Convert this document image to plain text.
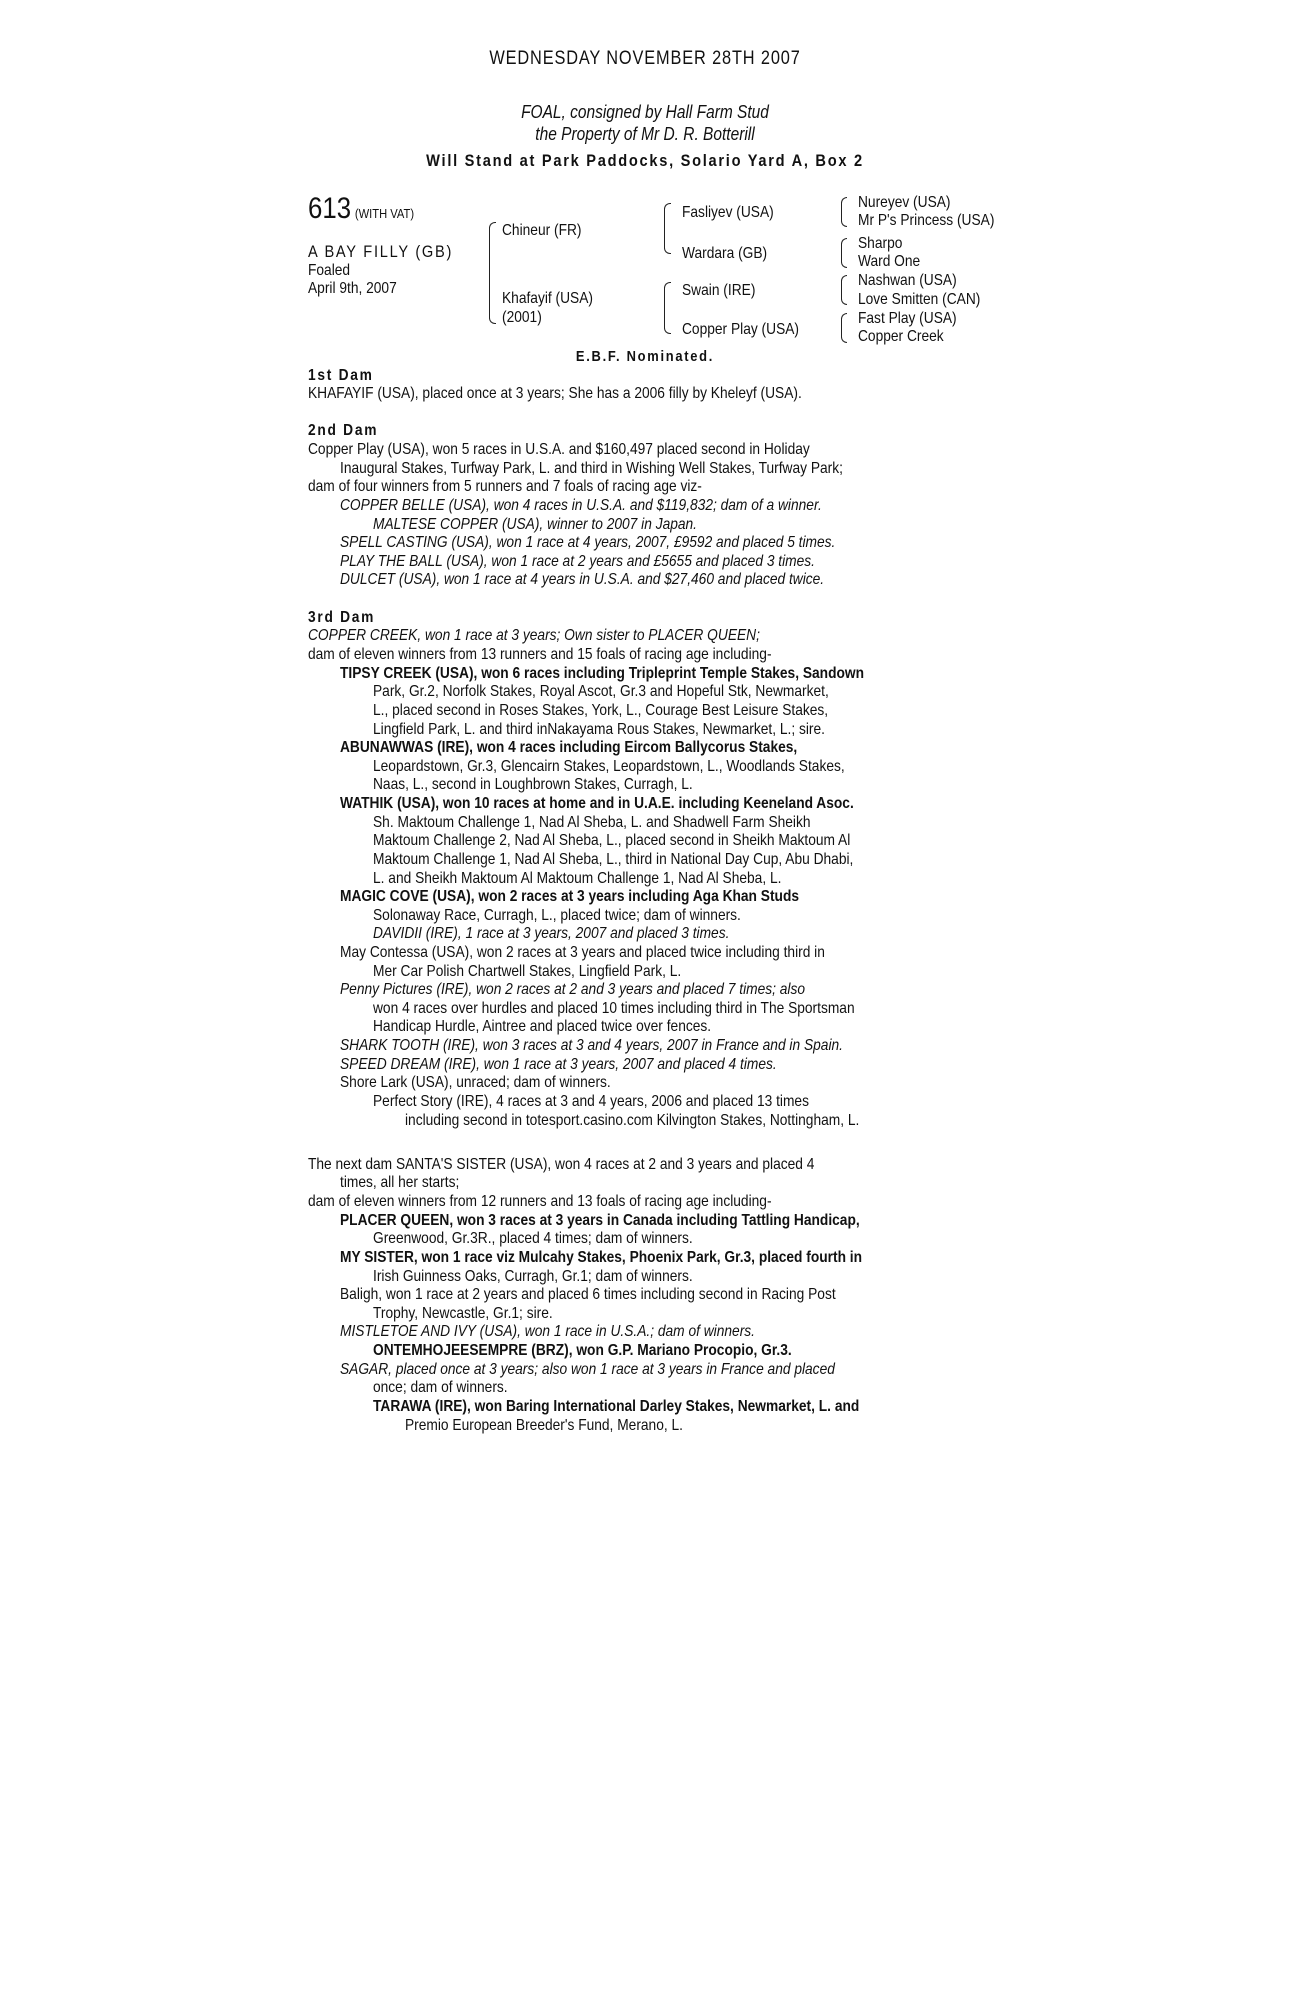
WEDNESDAY NOVEMBER 28TH 2007
FOAL, consigned by Hall Farm Stud
the Property of Mr D. R. Botterill
Will Stand at Park Paddocks, Solario Yard A, Box 2
613 (WITH VAT)
A BAY FILLY (GB)
Foaled
April 9th, 2007
Chineur (FR)
Khafayif (USA)
(2001)
Fasliyev (USA)
Wardara (GB)
Swain (IRE)
Copper Play (USA)
Nureyev (USA)
Mr P's Princess (USA)
Sharpo
Ward One
Nashwan (USA)
Love Smitten (CAN)
Fast Play (USA)
Copper Creek
E.B.F. Nominated.
1st Dam
KHAFAYIF (USA), placed once at 3 years; She has a 2006 filly by Kheleyf (USA).
2nd Dam
Copper Play (USA), won 5 races in U.S.A. and $160,497 placed second in Holiday
Inaugural Stakes, Turfway Park, L. and third in Wishing Well Stakes, Turfway Park;
dam of four winners from 5 runners and 7 foals of racing age viz-
COPPER BELLE (USA), won 4 races in U.S.A. and $119,832; dam of a winner.
MALTESE COPPER (USA), winner to 2007 in Japan.
SPELL CASTING (USA), won 1 race at 4 years, 2007, £9592 and placed 5 times.
PLAY THE BALL (USA), won 1 race at 2 years and £5655 and placed 3 times.
DULCET (USA), won 1 race at 4 years in U.S.A. and $27,460 and placed twice.
3rd Dam
COPPER CREEK, won 1 race at 3 years; Own sister to PLACER QUEEN;
dam of eleven winners from 13 runners and 15 foals of racing age including-
TIPSY CREEK (USA), won 6 races including Tripleprint Temple Stakes, Sandown
Park, Gr.2, Norfolk Stakes, Royal Ascot, Gr.3 and Hopeful Stk, Newmarket,
L., placed second in Roses Stakes, York, L., Courage Best Leisure Stakes,
Lingfield Park, L. and third inNakayama Rous Stakes, Newmarket, L.; sire.
ABUNAWWAS (IRE), won 4 races including Eircom Ballycorus Stakes,
Leopardstown, Gr.3, Glencairn Stakes, Leopardstown, L., Woodlands Stakes,
Naas, L., second in Loughbrown Stakes, Curragh, L.
WATHIK (USA), won 10 races at home and in U.A.E. including Keeneland Asoc.
Sh. Maktoum Challenge 1, Nad Al Sheba, L. and Shadwell Farm Sheikh
Maktoum Challenge 2, Nad Al Sheba, L., placed second in Sheikh Maktoum Al
Maktoum Challenge 1, Nad Al Sheba, L., third in National Day Cup, Abu Dhabi,
L. and Sheikh Maktoum Al Maktoum Challenge 1, Nad Al Sheba, L.
MAGIC COVE (USA), won 2 races at 3 years including Aga Khan Studs
Solonaway Race, Curragh, L., placed twice; dam of winners.
DAVIDII (IRE), 1 race at 3 years, 2007 and placed 3 times.
May Contessa (USA), won 2 races at 3 years and placed twice including third in
Mer Car Polish Chartwell Stakes, Lingfield Park, L.
Penny Pictures (IRE), won 2 races at 2 and 3 years and placed 7 times; also
won 4 races over hurdles and placed 10 times including third in The Sportsman
Handicap Hurdle, Aintree and placed twice over fences.
SHARK TOOTH (IRE), won 3 races at 3 and 4 years, 2007 in France and in Spain.
SPEED DREAM (IRE), won 1 race at 3 years, 2007 and placed 4 times.
Shore Lark (USA), unraced; dam of winners.
Perfect Story (IRE), 4 races at 3 and 4 years, 2006 and placed 13 times
including second in totesport.casino.com Kilvington Stakes, Nottingham, L.
The next dam SANTA'S SISTER (USA), won 4 races at 2 and 3 years and placed 4
times, all her starts;
dam of eleven winners from 12 runners and 13 foals of racing age including-
PLACER QUEEN, won 3 races at 3 years in Canada including Tattling Handicap,
Greenwood, Gr.3R., placed 4 times; dam of winners.
MY SISTER, won 1 race viz Mulcahy Stakes, Phoenix Park, Gr.3, placed fourth in
Irish Guinness Oaks, Curragh, Gr.1; dam of winners.
Baligh, won 1 race at 2 years and placed 6 times including second in Racing Post
Trophy, Newcastle, Gr.1; sire.
MISTLETOE AND IVY (USA), won 1 race in U.S.A.; dam of winners.
ONTEMHOJEESEMPRE (BRZ), won G.P. Mariano Procopio, Gr.3.
SAGAR, placed once at 3 years; also won 1 race at 3 years in France and placed
once; dam of winners.
TARAWA (IRE), won Baring International Darley Stakes, Newmarket, L. and
Premio European Breeder's Fund, Merano, L.
